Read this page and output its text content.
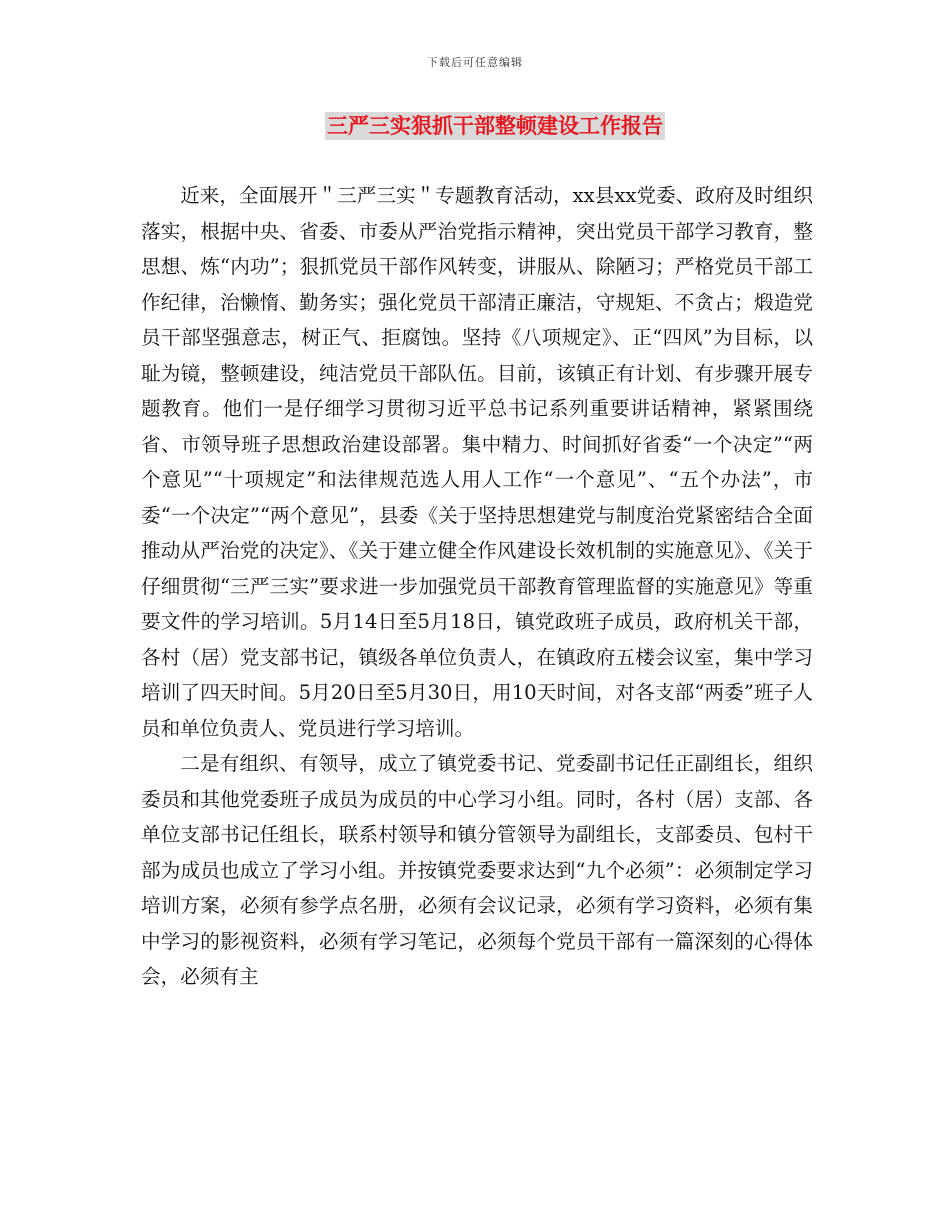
下载后可任意编辑
三严三实狠抓干部整顿建设工作报告

近来，全面展开＂三严三实＂专题教育活动，xx县xx党委、政府及时组织落实，根据中央、省委、市委从严治党指示精神，突出党员干部学习教育，整思想、炼“内功”；狠抓党员干部作风转变，讲服从、除陋习；严格党员干部工作纪律，治懒惰、勤务实；强化党员干部清正廉洁，守规矩、不贪占；煅造党员干部坚强意志，树正气、拒腐蚀。坚持《八项规定》、正“四风”为目标，以耻为镜，整顿建设，纯洁党员干部队伍。目前，该镇正有计划、有步骤开展专题教育。他们一是仔细学习贯彻习近平总书记系列重要讲话精神，紧紧围绕省、市领导班子思想政治建设部署。集中精力、时间抓好省委“一个决定”“两个意见”“十项规定”和法律规范选人用人工作“一个意见”、“五个办法”，市委“一个决定”“两个意见”，县委《关于坚持思想建党与制度治党紧密结合全面推动从严治党的决定》、《关于建立健全作风建设长效机制的实施意见》、《关于仔细贯彻“三严三实”要求进一步加强党员干部教育管理监督的实施意见》等重要文件的学习培训。5月14日至5月18日，镇党政班子成员，政府机关干部，各村（居）党支部书记，镇级各单位负责人，在镇政府五楼会议室，集中学习培训了四天时间。5月20日至5月30日，用10天时间，对各支部“两委”班子人员和单位负责人、党员进行学习培训。

二是有组织、有领导，成立了镇党委书记、党委副书记任正副组长，组织委员和其他党委班子成员为成员的中心学习小组。同时，各村（居）支部、各单位支部书记任组长，联系村领导和镇分管领导为副组长，支部委员、包村干部为成员也成立了学习小组。并按镇党委要求达到“九个必须”：必须制定学习培训方案，必须有参学点名册，必须有会议记录，必须有学习资料，必须有集中学习的影视资料，必须有学习笔记，必须每个党员干部有一篇深刻的心得体会，必须有主
